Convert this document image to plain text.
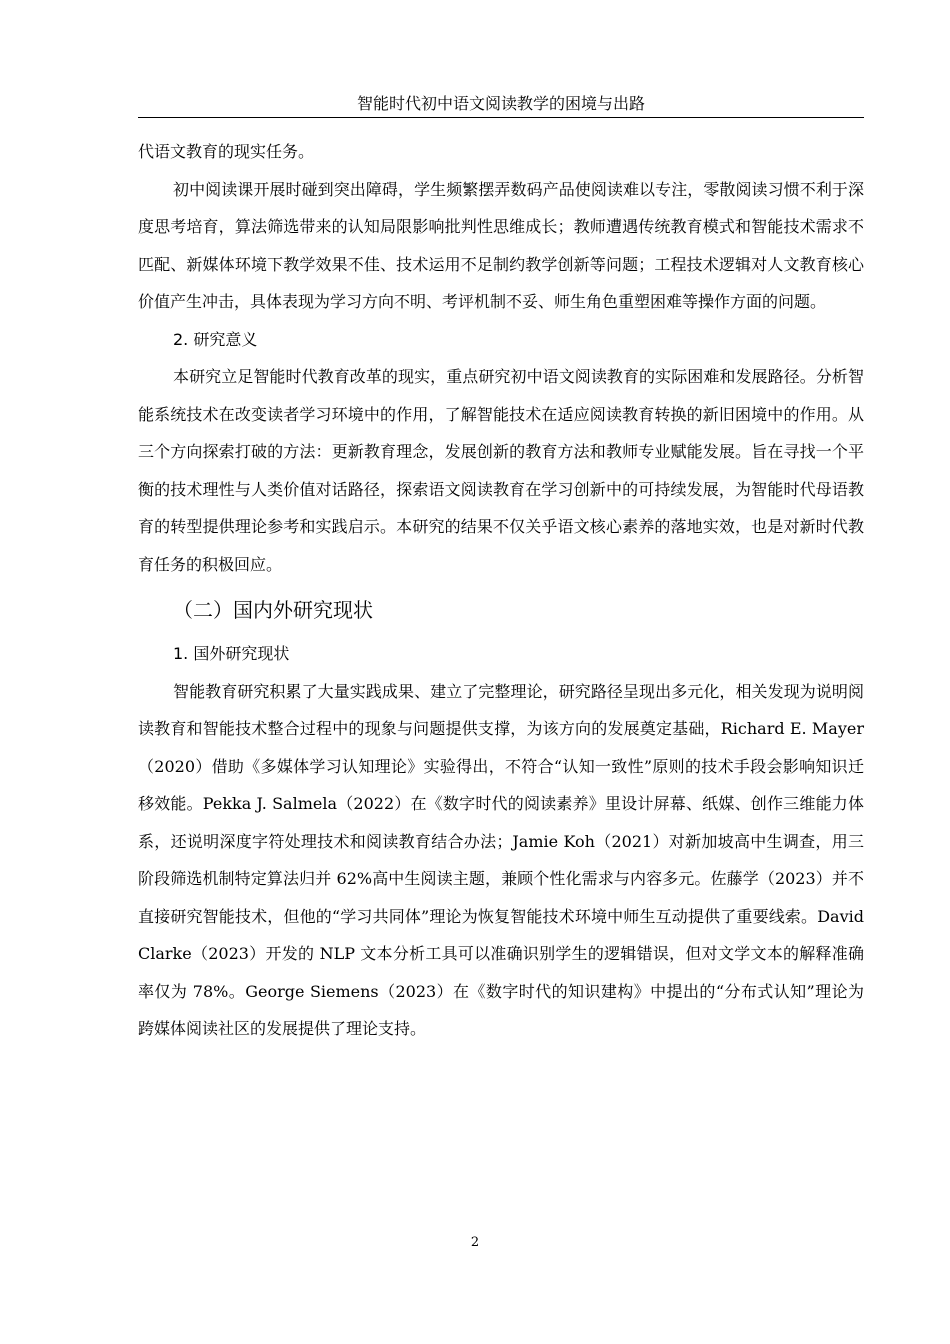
智能时代初中语文阅读教学的困境与出路

代语文教育的现实任务。

初中阅读课开展时碰到突出障碍，学生频繁摆弄数码产品使阅读难以专注，零散阅读习惯不利于深度思考培育，算法筛选带来的认知局限影响批判性思维成长；教师遭遇传统教育模式和智能技术需求不匹配、新媒体环境下教学效果不佳、技术运用不足制约教学创新等问题；工程技术逻辑对人文教育核心价值产生冲击，具体表现为学习方向不明、考评机制不妥、师生角色重塑困难等操作方面的问题。

2. 研究意义

本研究立足智能时代教育改革的现实，重点研究初中语文阅读教育的实际困难和发展路径。分析智能系统技术在改变读者学习环境中的作用，了解智能技术在适应阅读教育转换的新旧困境中的作用。从三个方向探索打破的方法：更新教育理念，发展创新的教育方法和教师专业赋能发展。旨在寻找一个平衡的技术理性与人类价值对话路径，探索语文阅读教育在学习创新中的可持续发展，为智能时代母语教育的转型提供理论参考和实践启示。本研究的结果不仅关乎语文核心素养的落地实效，也是对新时代教育任务的积极回应。

（二）国内外研究现状
1. 国外研究现状

智能教育研究积累了大量实践成果、建立了完整理论，研究路径呈现出多元化，相关发现为说明阅读教育和智能技术整合过程中的现象与问题提供支撑，为该方向的发展奠定基础，Richard E. Mayer（2020）借助《多媒体学习认知理论》实验得出，不符合“认知一致性”原则的技术手段会影响知识迁移效能。Pekka J. Salmela（2022）在《数字时代的阅读素养》里设计屏幕、纸媒、创作三维能力体系，还说明深度字符处理技术和阅读教育结合办法；Jamie Koh（2021）对新加坡高中生调查，用三阶段筛选机制特定算法归并 62%高中生阅读主题，兼顾个性化需求与内容多元。佐藤学（2023）并不直接研究智能技术，但他的“学习共同体”理论为恢复智能技术环境中师生互动提供了重要线索。David Clarke（2023）开发的 NLP 文本分析工具可以准确识别学生的逻辑错误，但对文学文本的解释准确率仅为 78%。George Siemens（2023）在《数字时代的知识建构》中提出的“分布式认知”理论为跨媒体阅读社区的发展提供了理论支持。

2
